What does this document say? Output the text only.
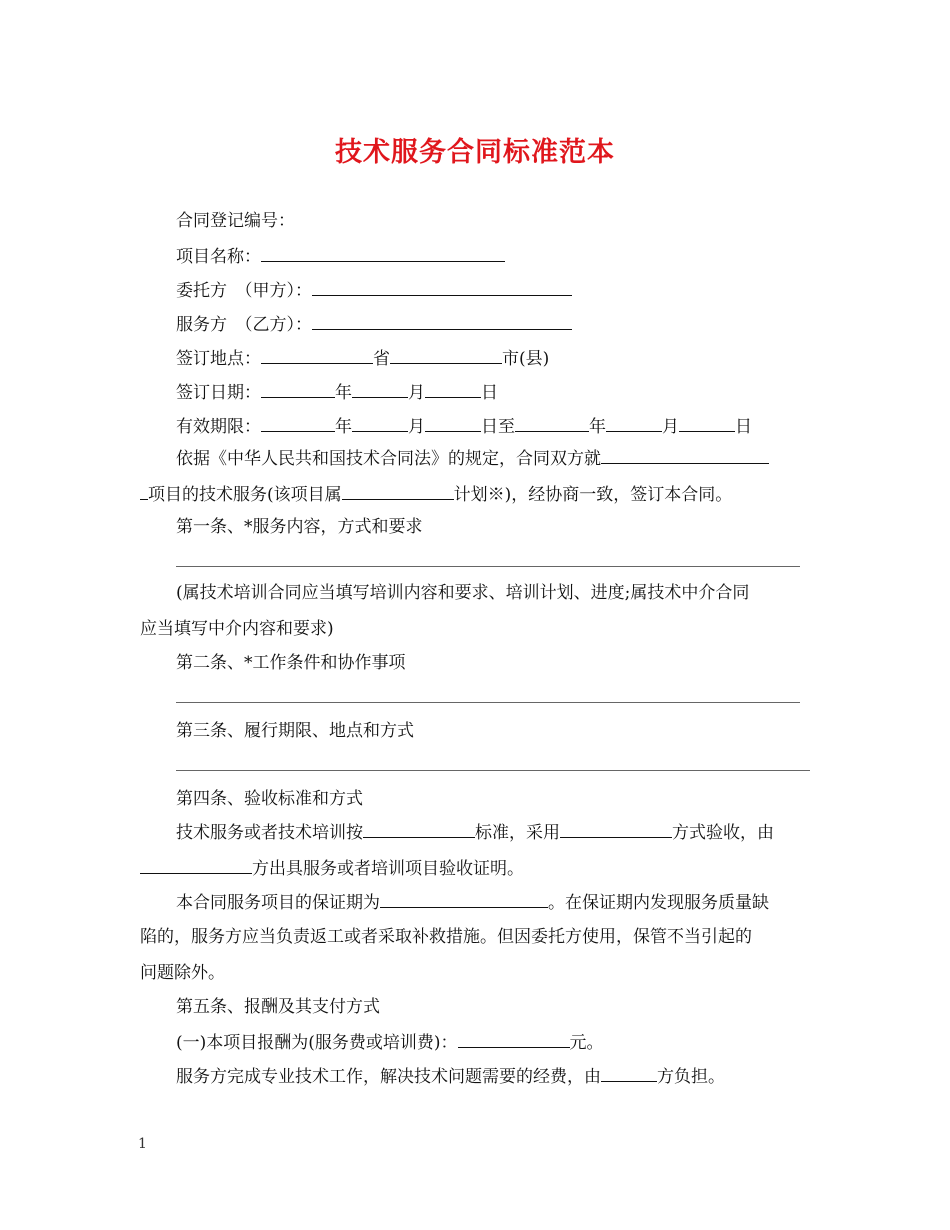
技术服务合同标准范本
合同登记编号：
项目名称：
委托方　（甲方）：
服务方　（乙方）：
签订地点：	省	市(县)
签订日期：	年	月	日
有效期限：	年	月	日至	年	月	日
依据《中华人民共和国技术合同法》的规定，合同双方就
项目的技术服务(该项目属	计划※)，经协商一致，签订本合同。
第一条、*服务内容，方式和要求
(属技术培训合同应当填写培训内容和要求、培训计划、进度;属技术中介合同
应当填写中介内容和要求)
第二条、*工作条件和协作事项
第三条、履行期限、地点和方式
第四条、验收标准和方式
技术服务或者技术培训按	标准，采用	方式验收，由
方出具服务或者培训项目验收证明。
本合同服务项目的保证期为	。在保证期内发现服务质量缺
陷的，服务方应当负责返工或者采取补救措施。但因委托方使用，保管不当引起的
问题除外。
第五条、报酬及其支付方式
(一)本项目报酬为(服务费或培训费)：	元。
服务方完成专业技术工作，解决技术问题需要的经费，由	方负担。
1
